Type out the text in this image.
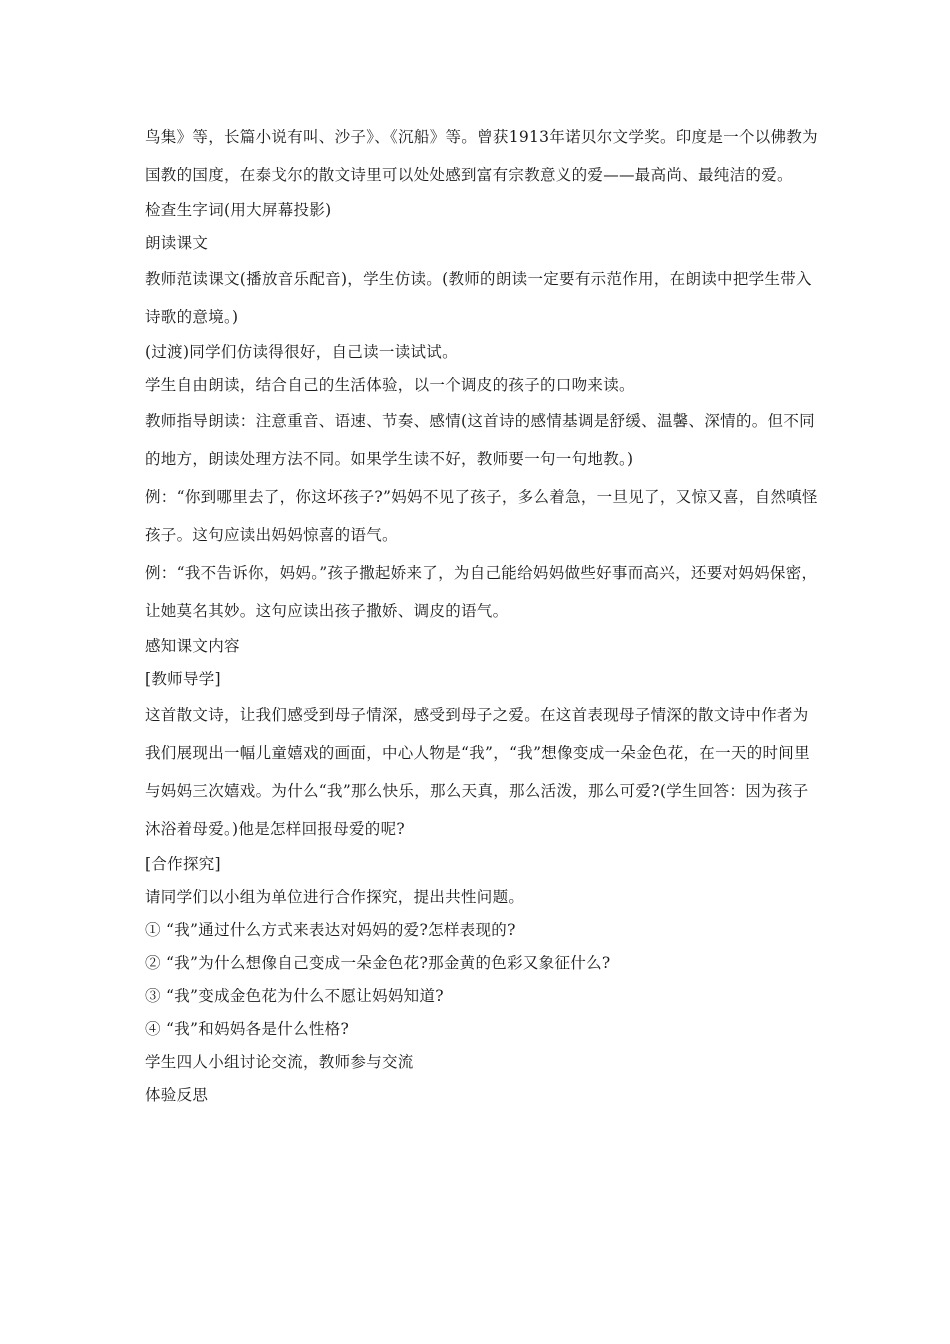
鸟集》等，长篇小说有叫、沙子》、《沉船》等。曾获1913年诺贝尔文学奖。印度是一个以佛教为国教的国度，在泰戈尔的散文诗里可以处处感到富有宗教意义的爱——最高尚、最纯洁的爱。

检查生字词(用大屏幕投影)

朗读课文

教师范读课文(播放音乐配音)，学生仿读。(教师的朗读一定要有示范作用，在朗读中把学生带入诗歌的意境。)

(过渡)同学们仿读得很好，自己读一读试试。

学生自由朗读，结合自己的生活体验，以一个调皮的孩子的口吻来读。

教师指导朗读：注意重音、语速、节奏、感情(这首诗的感情基调是舒缓、温馨、深情的。但不同的地方，朗读处理方法不同。如果学生读不好，教师要一句一句地教。)

例：“你到哪里去了，你这坏孩子?”妈妈不见了孩子，多么着急，一旦见了，又惊又喜，自然嗔怪孩子。这句应读出妈妈惊喜的语气。

例：“我不告诉你，妈妈。”孩子撒起娇来了，为自己能给妈妈做些好事而高兴，还要对妈妈保密，让她莫名其妙。这句应读出孩子撒娇、调皮的语气。

感知课文内容

[教师导学]

这首散文诗，让我们感受到母子情深，感受到母子之爱。在这首表现母子情深的散文诗中作者为我们展现出一幅儿童嬉戏的画面，中心人物是“我”，“我”想像变成一朵金色花，在一天的时间里与妈妈三次嬉戏。为什么“我”那么快乐，那么天真，那么活泼，那么可爱?(学生回答：因为孩子沐浴着母爱。)他是怎样回报母爱的呢?

[合作探究]

请同学们以小组为单位进行合作探究，提出共性问题。

① “我”通过什么方式来表达对妈妈的爱?怎样表现的?

② “我”为什么想像自己变成一朵金色花?那金黄的色彩又象征什么?

③ “我”变成金色花为什么不愿让妈妈知道?

④ “我”和妈妈各是什么性格?

学生四人小组讨论交流，教师参与交流

体验反思
